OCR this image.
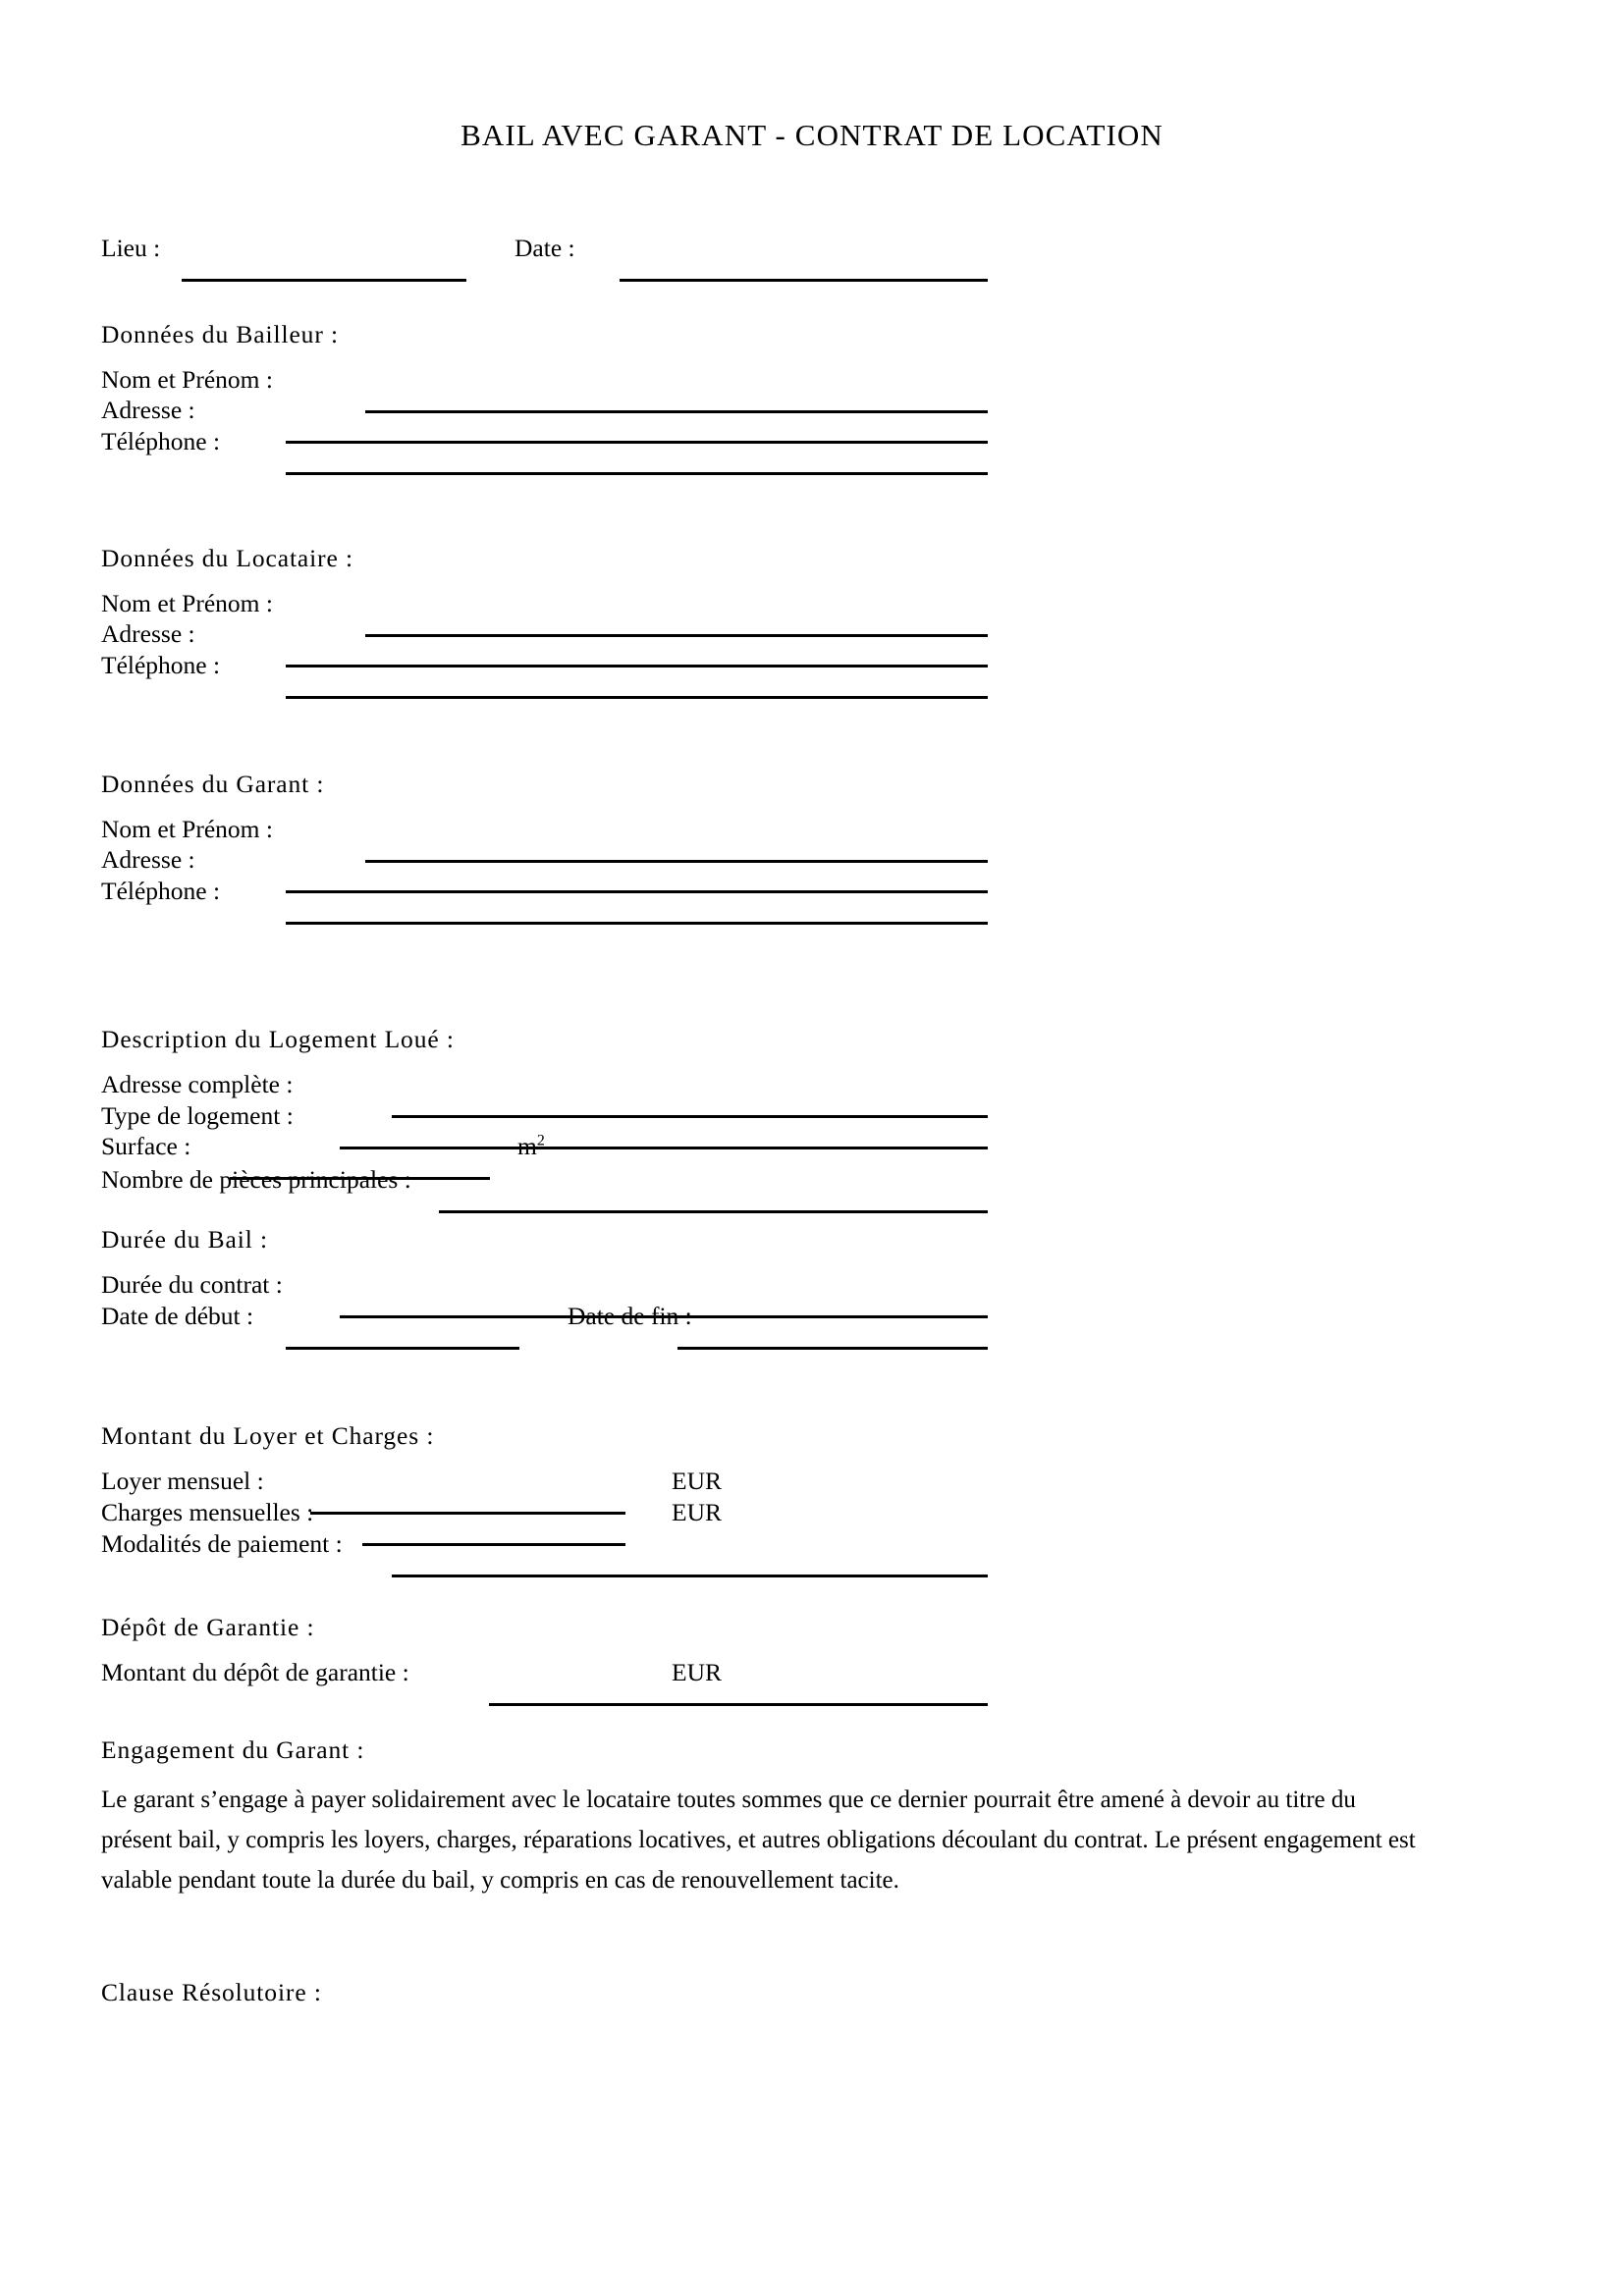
BAIL AVEC GARANT - CONTRAT DE LOCATION
Lieu :	Date :
Données du Bailleur :
Nom et Prénom :
Adresse :
Téléphone :
Données du Locataire :
Nom et Prénom :
Adresse :
Téléphone :
Données du Garant :
Nom et Prénom :
Adresse :
Téléphone :
Description du Logement Loué :
Adresse complète :
Type de logement :
Surface :	$m^2$
Nombre de pièces principales :
Durée du Bail :
Durée du contrat :
Date de début :	Date de fin :
Montant du Loyer et Charges :
Loyer mensuel :	EUR
Charges mensuelles :	EUR
Modalités de paiement :
Dépôt de Garantie :
Montant du dépôt de garantie :	EUR
Engagement du Garant :
Le garant s’engage à payer solidairement avec le locataire toutes sommes que ce dernier pourrait être amené à devoir au titre du présent bail, y compris les loyers, charges, réparations locatives, et autres obligations découlant du contrat. Le présent engagement est valable pendant toute la durée du bail, y compris en cas de renouvellement tacite.
Clause Résolutoire :
